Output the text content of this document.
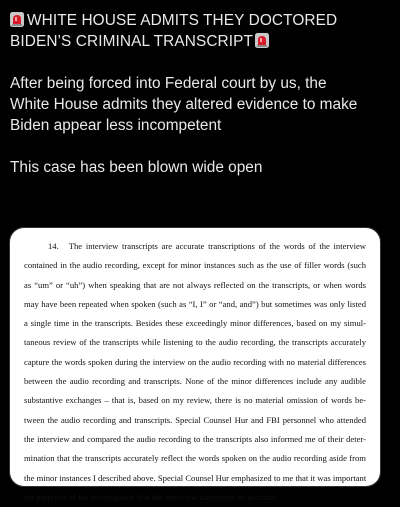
WHITE HOUSE ADMITS THEY DOCTORED
BIDEN’S CRIMINAL TRANSCRIPT

After being forced into Federal court by us, the
White House admits they altered evidence to make
Biden appear less incompetent

This case has been blown wide open

14. The interview transcripts are accurate transcriptions of the words of the interview
contained in the audio recording, except for minor instances such as the use of filler words (such
as “um” or “uh”) when speaking that are not always reflected on the transcripts, or when words
may have been repeated when spoken (such as “I, I” or “and, and”) but sometimes was only listed
a single time in the transcripts. Besides these exceedingly minor differences, based on my simul-
taneous review of the transcripts while listening to the audio recording, the transcripts accurately
capture the words spoken during the interview on the audio recording with no material differences
between the audio recording and transcripts. None of the minor differences include any audible
substantive exchanges – that is, based on my review, there is no material omission of words be-
tween the audio recording and transcripts. Special Counsel Hur and FBI personnel who attended
the interview and compared the audio recording to the transcripts also informed me of their deter-
mination that the transcripts accurately reflect the words spoken on the audio recording aside from
the minor instances I described above. Special Counsel Hur emphasized to me that it was important
for purposes of his investigation that the interview transcripts be accurate.
